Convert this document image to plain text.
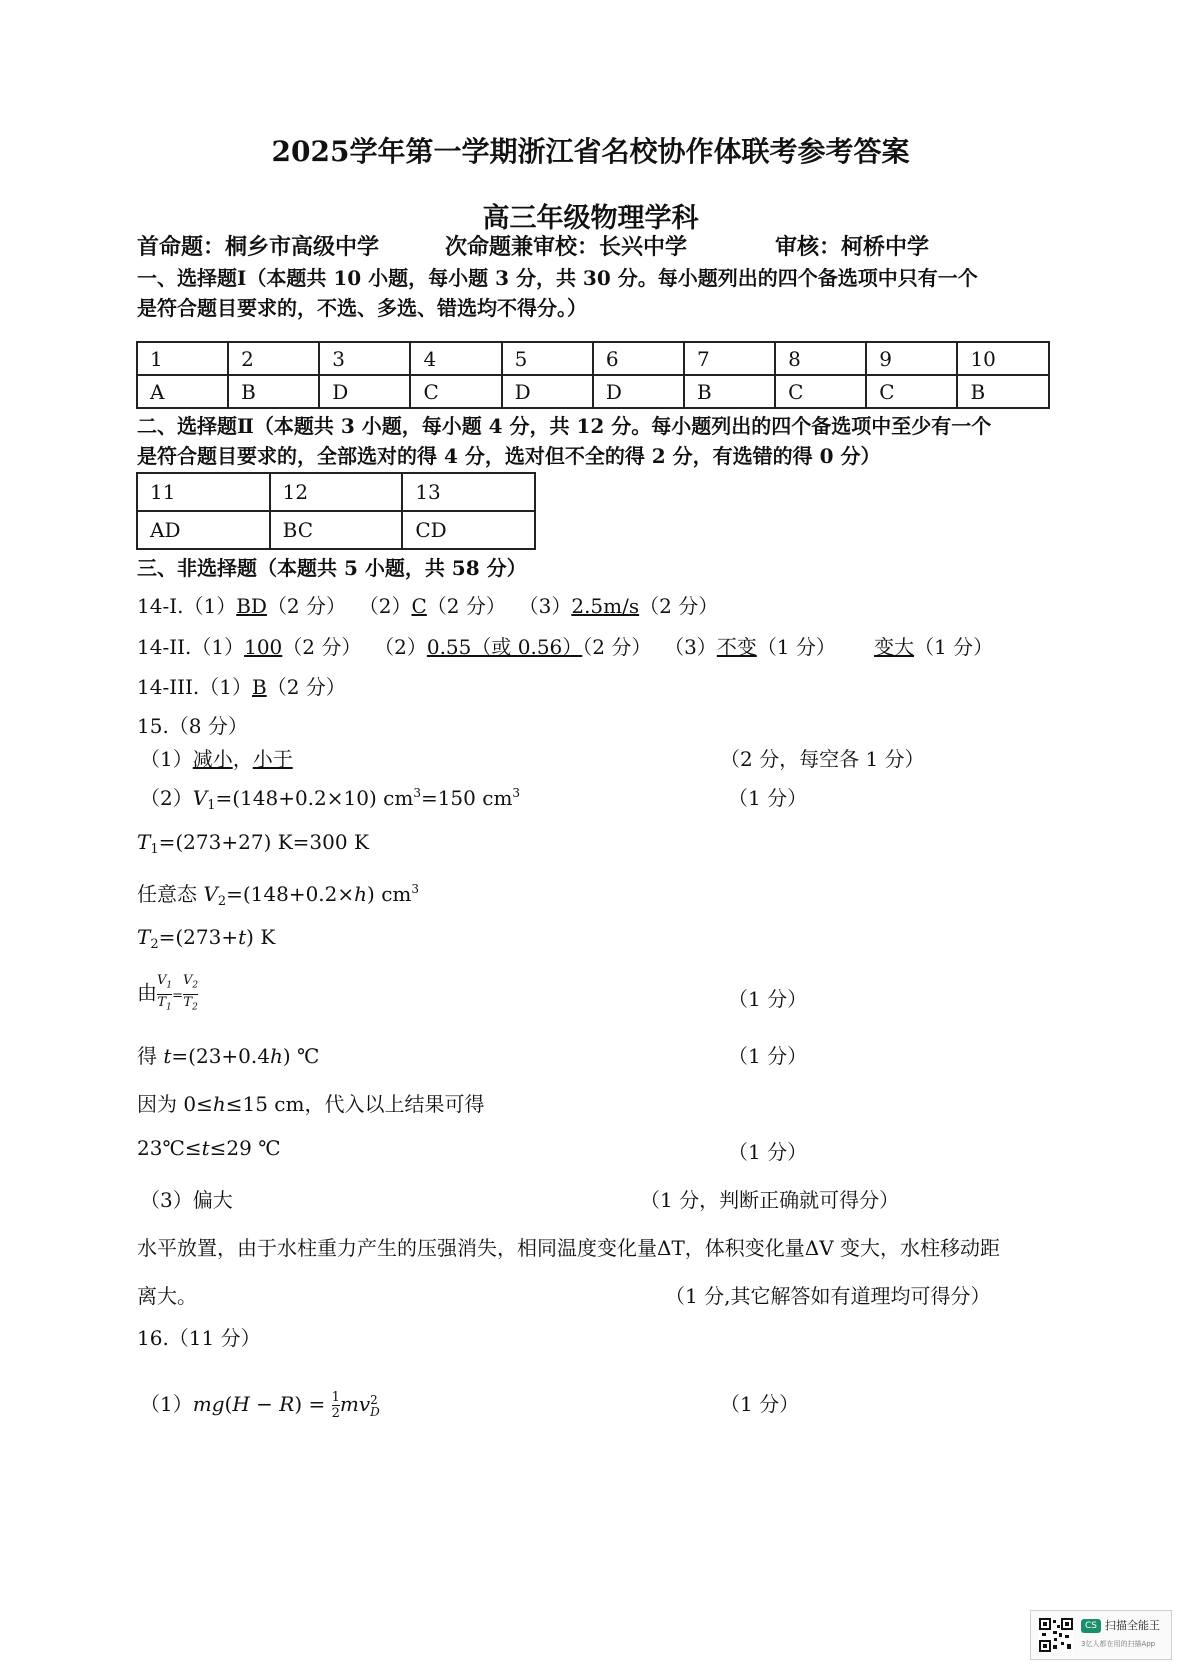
2025学年第一学期浙江省名校协作体联考参考答案
高三年级物理学科
首命题：桐乡市高级中学　　　次命题兼审校：长兴中学　　　　审核：柯桥中学
一、选择题Ⅰ（本题共 10 小题，每小题 3 分，共 30 分。每小题列出的四个备选项中只有一个
是符合题目要求的，不选、多选、错选均不得分。）
1	2	3	4	5	6	7	8	9	10
A	B	D	C	D	D	B	C	C	B
二、选择题Ⅱ（本题共 3 小题，每小题 4 分，共 12 分。每小题列出的四个备选项中至少有一个
是符合题目要求的，全部选对的得 4 分，选对但不全的得 2 分，有选错的得 0 分）
11	12	13
AD	BC	CD
三、非选择题（本题共 5 小题，共 58 分）
14-I.（1）BD（2 分） （2）C（2 分） （3）2.5m/s（2 分）
14-II.（1）100（2 分） （2）0.55（或 0.56）（2 分） （3）不变（1 分） 变大（1 分）
14-III.（1）B（2 分）
15.（8 分）
（1）减小，小于	（2 分，每空各 1 分）
$(2)V_1=(148+0.2\times 10)$ $cm^3=150$ $cm^3$	（1 分）
$T_1=(273+27)$ K=300 K
任意态 $V_2=(148+0.2\times h)$ $cm^3$
$T_2=(273+t)$ K
由 $\frac{V_1}{T_1} = \frac{V_2}{T_2}$	（1 分）
得 t=(23+0.4h) ℃	（1 分）
因为 0≤h≤15 cm，代入以上结果可得
23℃≤t≤29 ℃	（1 分）
（3）偏大	（1 分，判断正确就可得分）
水平放置，由于水柱重力产生的压强消失，相同温度变化量ΔT，体积变化量ΔV 变大，水柱移动距
离大。	（1 分,其它解答如有道理均可得分）
16.（11 分）
$(1)mg(H - R) = \frac{1}{2}$ mv 2
D	（1 分）
CS 扫描全能王
3亿人都在用的扫描App
